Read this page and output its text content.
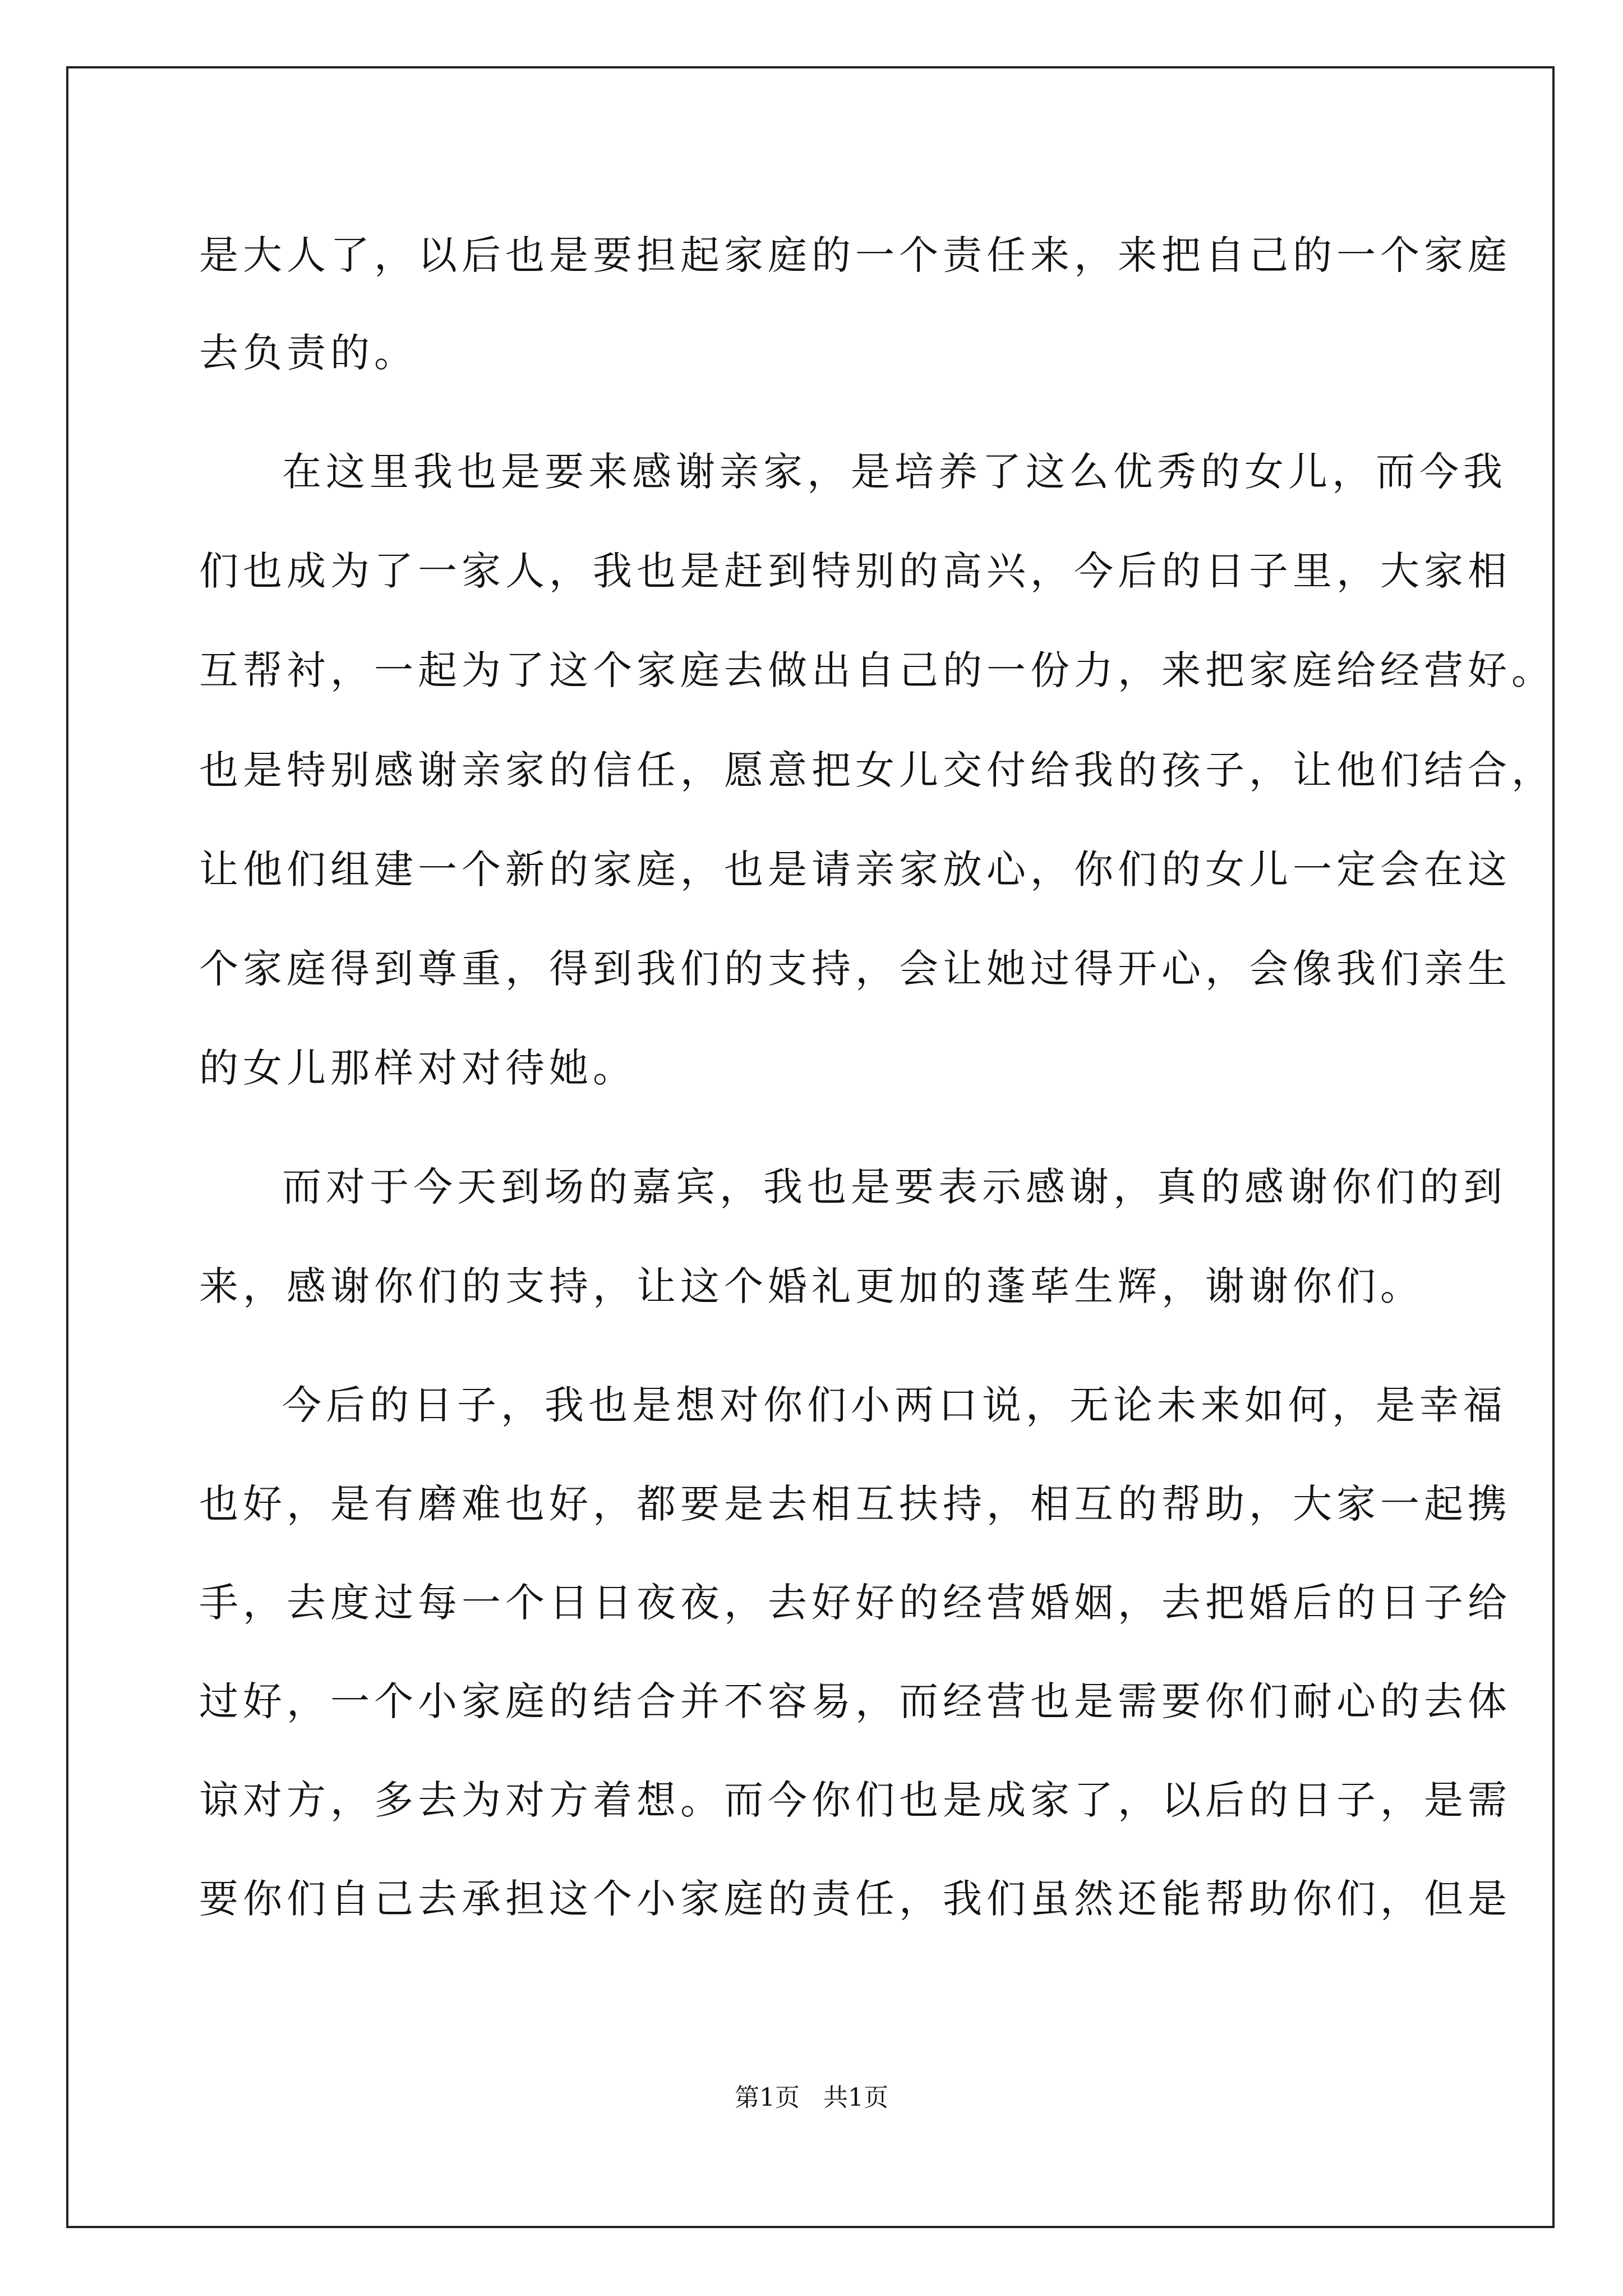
是大人了，以后也是要担起家庭的一个责任来，来把自己的一个家庭
去负责的。
在这里我也是要来感谢亲家，是培养了这么优秀的女儿，而今我
们也成为了一家人，我也是赶到特别的高兴，今后的日子里，大家相
互帮衬，一起为了这个家庭去做出自己的一份力，来把家庭给经营好。
也是特别感谢亲家的信任，愿意把女儿交付给我的孩子，让他们结合，
让他们组建一个新的家庭，也是请亲家放心，你们的女儿一定会在这
个家庭得到尊重，得到我们的支持，会让她过得开心，会像我们亲生
的女儿那样对对待她。
而对于今天到场的嘉宾，我也是要表示感谢，真的感谢你们的到
来，感谢你们的支持，让这个婚礼更加的蓬荜生辉，谢谢你们。
今后的日子，我也是想对你们小两口说，无论未来如何，是幸福
也好，是有磨难也好，都要是去相互扶持，相互的帮助，大家一起携
手，去度过每一个日日夜夜，去好好的经营婚姻，去把婚后的日子给
过好，一个小家庭的结合并不容易，而经营也是需要你们耐心的去体
谅对方，多去为对方着想。而今你们也是成家了，以后的日子，是需
要你们自己去承担这个小家庭的责任，我们虽然还能帮助你们，但是
第1页   共1页
